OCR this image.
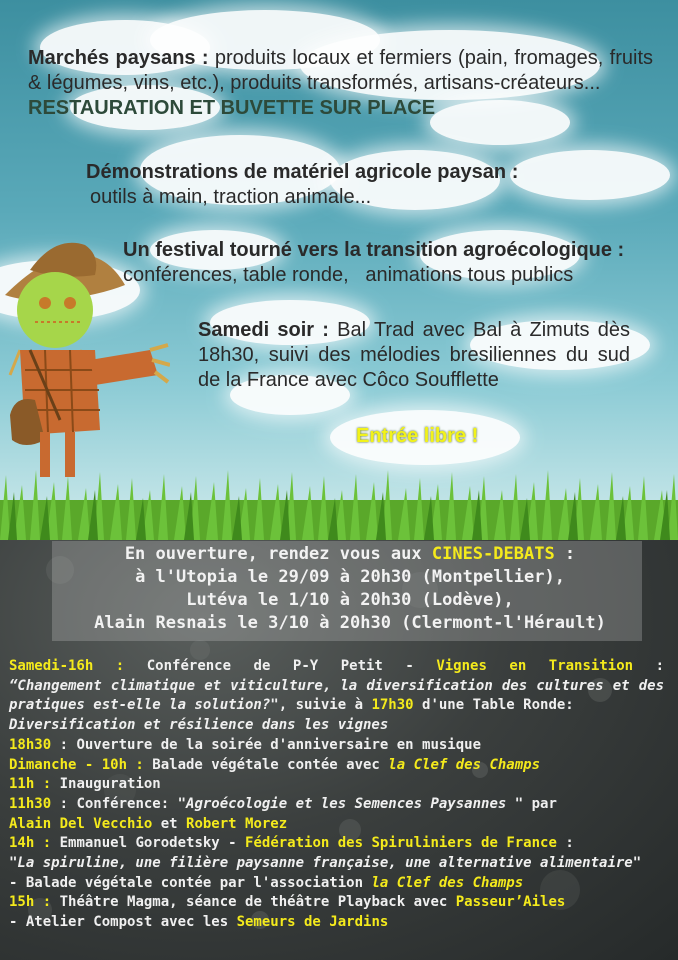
Marchés paysans : produits locaux et fermiers (pain, fromages, fruits & légumes, vins, etc.), produits transformés, artisans-créateurs...
RESTAURATION ET BUVETTE SUR PLACE
Démonstrations de matériel agricole paysan :
outils à main, traction animale...
Un festival tourné vers la transition agroécologique :
conférences, table ronde,   animations tous publics
Samedi soir : Bal Trad avec Bal à Zimuts dès 18h30, suivi des mélodies bresiliennes du sud de la France avec Côco Soufflette
Entrée libre !
En ouverture, rendez vous aux CINES-DEBATS :
à l'Utopia le 29/09 à 20h30 (Montpellier),
Lutéva le 1/10 à 20h30 (Lodève),
Alain Resnais le 3/10 à 20h30 (Clermont-l'Hérault)
Samedi-16h : Conférence de P-Y Petit - Vignes en Transition :
“Changement climatique et viticulture, la diversification des cultures et des pratiques est-elle la solution?", suivie à 17h30 d'une Table Ronde:
Diversification et résilience dans les vignes
18h30 : Ouverture de la soirée d'anniversaire en musique
Dimanche - 10h : Balade végétale contée avec la Clef des Champs
11h : Inauguration
11h30 : Conférence: "Agroécologie et les Semences Paysannes " par
Alain Del Vecchio et Robert Morez
14h : Emmanuel Gorodetsky - Fédération des Spiruliniers de France :
"La spiruline, une filière paysanne française, une alternative alimentaire"
- Balade végétale contée par l'association la Clef des Champs
15h : Théâtre Magma, séance de théâtre Playback avec Passeur’Ailes
- Atelier Compost avec les Semeurs de Jardins
